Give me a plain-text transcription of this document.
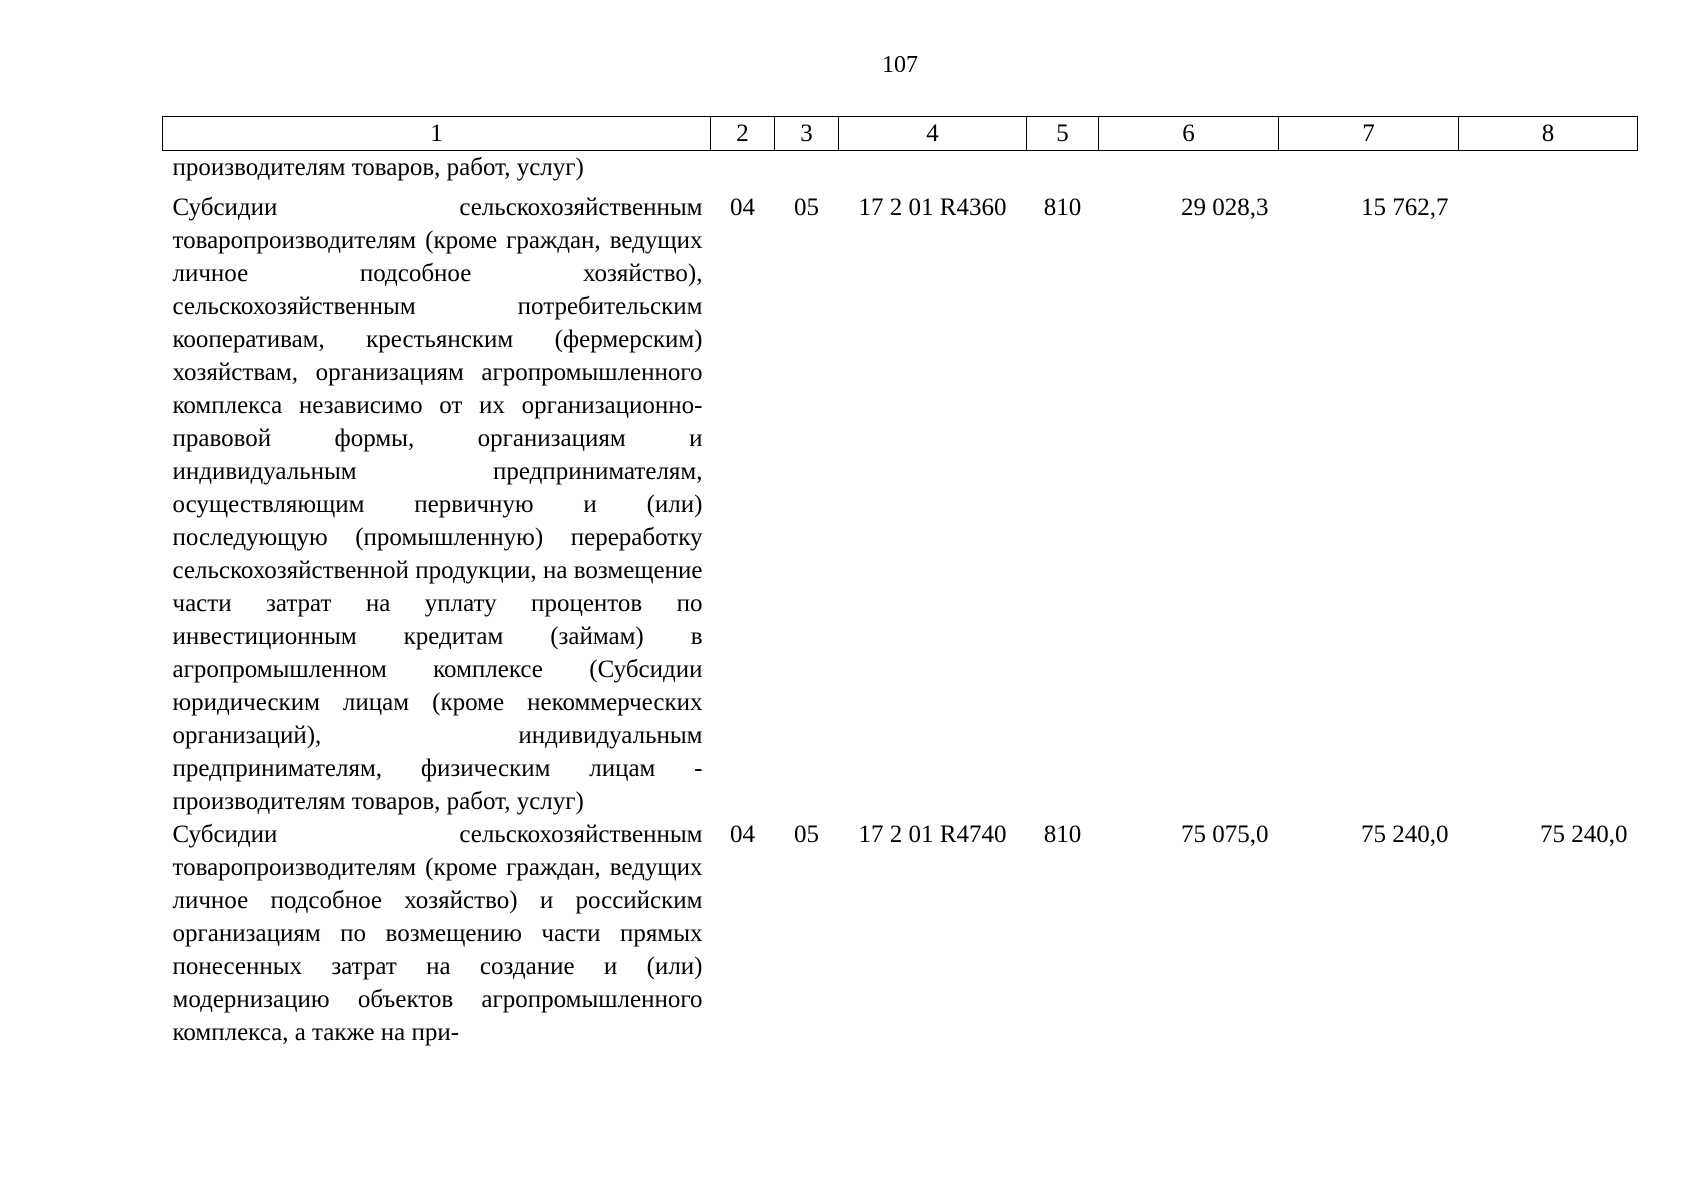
107
1	2	3	4	5	6	7	8
производителям товаров, работ, услуг)							
Субсидии сельскохозяйственным товаропроизводителям (кроме граждан, ведущих личное подсобное хозяйство), сельскохозяйственным потребительским кооперативам, крестьянским (фермерским) хозяйствам, организациям агропромышленного комплекса независимо от их организационно-правовой формы, организациям и индивидуальным предпринимателям, осуществляющим первичную и (или) последующую (промышленную) переработку сельскохозяйственной продукции, на возмещение части затрат на уплату процентов по инвестиционным кредитам (займам) в агропромышленном комплексе (Субсидии юридическим лицам (кроме некоммерческих организаций), индивидуальным предпринимателям, физическим лицам - производителям товаров, работ, услуг)	04	05	17 2 01 R4360	810	29 028,3	15 762,7	
Субсидии сельскохозяйственным товаропроизводителям (кроме граждан, ведущих личное подсобное хозяйство) и российским организациям по возмещению части прямых понесенных затрат на создание и (или) модернизацию объектов агропромышленного комплекса, а также на при-	04	05	17 2 01 R4740	810	75 075,0	75 240,0	75 240,0
